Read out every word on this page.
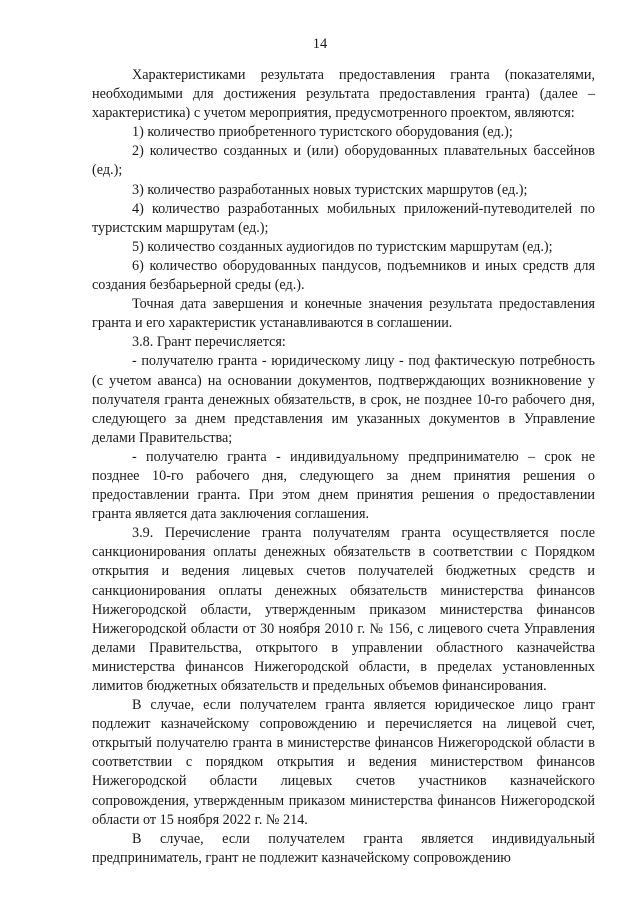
14

Характеристиками результата предоставления гранта (показателями, необходимыми для достижения результата предоставления гранта) (далее – характеристика) с учетом мероприятия, предусмотренного проектом, являются:

1) количество приобретенного туристского оборудования (ед.);

2) количество созданных и (или) оборудованных плавательных бассейнов (ед.);

3) количество разработанных новых туристских маршрутов (ед.);

4) количество разработанных мобильных приложений-путеводителей по туристским маршрутам (ед.);

5) количество созданных аудиогидов по туристским маршрутам (ед.);

6) количество оборудованных пандусов, подъемников и иных средств для создания безбарьерной среды (ед.).

Точная дата завершения и конечные значения результата предоставления гранта и его характеристик устанавливаются в соглашении.

3.8. Грант перечисляется:

- получателю гранта - юридическому лицу - под фактическую потребность (с учетом аванса) на основании документов, подтверждающих возникновение у получателя гранта денежных обязательств, в срок, не позднее 10-го рабочего дня, следующего за днем представления им указанных документов в Управление делами Правительства;

- получателю гранта - индивидуальному предпринимателю – срок не позднее 10-го рабочего дня, следующего за днем принятия решения о предоставлении гранта. При этом днем принятия решения о предоставлении гранта является дата заключения соглашения.

3.9. Перечисление гранта получателям гранта осуществляется после санкционирования оплаты денежных обязательств в соответствии с Порядком открытия и ведения лицевых счетов получателей бюджетных средств и санкционирования оплаты денежных обязательств министерства финансов Нижегородской области, утвержденным приказом министерства финансов Нижегородской области от 30 ноября 2010 г. № 156, с лицевого счета Управления делами Правительства, открытого в управлении областного казначейства министерства финансов Нижегородской области, в пределах установленных лимитов бюджетных обязательств и предельных объемов финансирования.

В случае, если получателем гранта является юридическое лицо грант подлежит казначейскому сопровождению и перечисляется на лицевой счет, открытый получателю гранта в министерстве финансов Нижегородской области в соответствии с порядком открытия и ведения министерством финансов Нижегородской области лицевых счетов участников казначейского сопровождения, утвержденным приказом министерства финансов Нижегородской области от 15 ноября 2022 г. № 214.

В случае, если получателем гранта является индивидуальный предприниматель, грант не подлежит казначейскому сопровождению
